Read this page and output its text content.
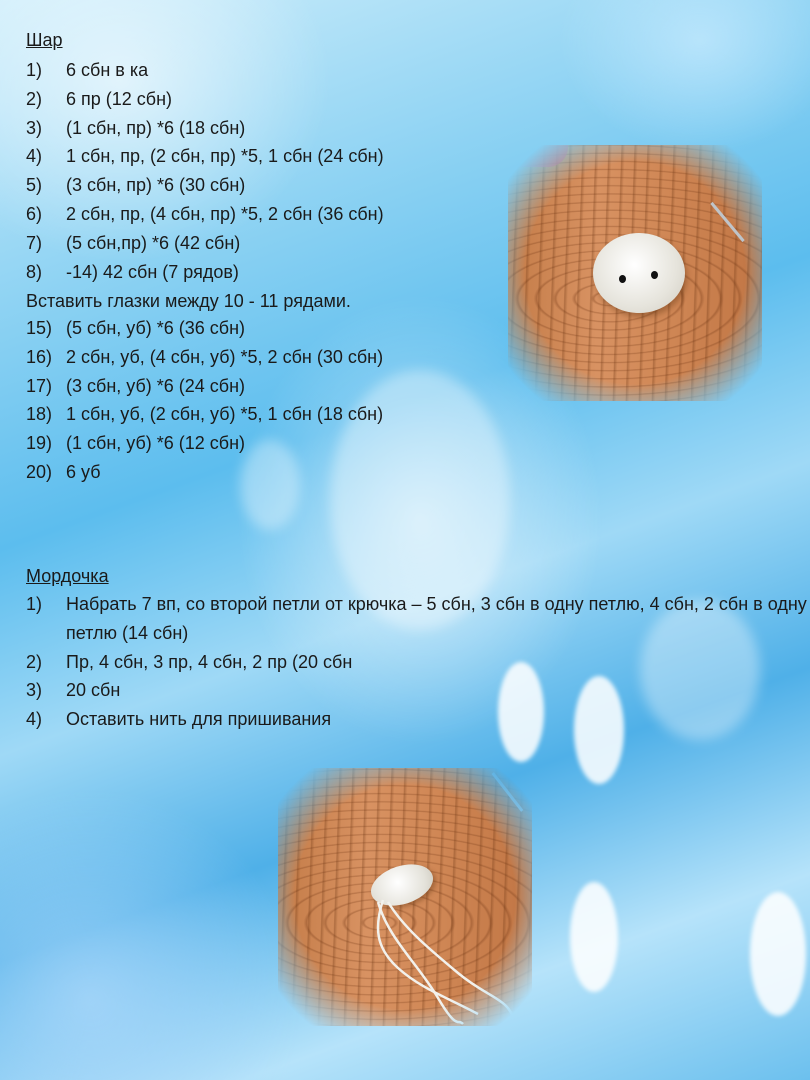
Шар
1) 6 сбн в ка
2) 6 пр (12 сбн)
3) (1 сбн, пр) *6 (18 сбн)
4) 1 сбн, пр, (2 сбн, пр) *5, 1 сбн (24 сбн)
5) (3 сбн, пр) *6 (30 сбн)
6) 2 сбн, пр, (4 сбн, пр) *5, 2 сбн (36 сбн)
7) (5 сбн,пр) *6 (42 сбн)
8) -14) 42 сбн (7 рядов)

Вставить глазки между 10 - 11 рядами.

15) (5 сбн, уб) *6 (36 сбн)
16) 2 сбн, уб, (4 сбн, уб) *5, 2 сбн (30 сбн)
17) (3 сбн, уб) *6 (24 сбн)
18) 1 сбн, уб, (2 сбн, уб) *5, 1 сбн (18 сбн)
19) (1 сбн, уб) *6 (12 сбн)
20) 6 уб
Мордочка
1) Набрать 7 вп, со второй петли от крючка – 5 сбн, 3 сбн в одну петлю, 4 сбн, 2 сбн в одну петлю (14 сбн)
2) Пр, 4 сбн, 3 пр, 4 сбн, 2 пр (20 сбн
3) 20 сбн
4) Оставить нить для пришивания
